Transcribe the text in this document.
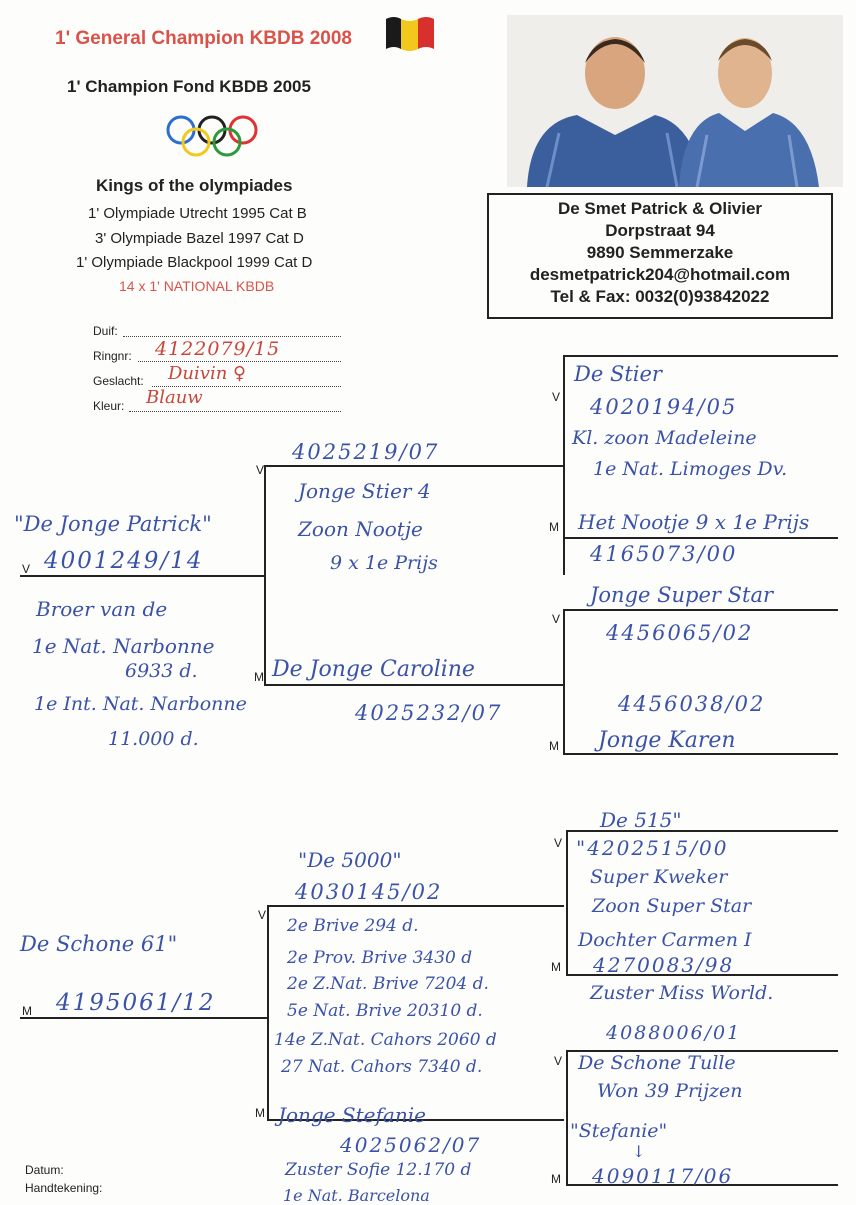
1' General Champion KBDB 2008
1' Champion Fond KBDB 2005
Kings of the olympiades
1' Olympiade Utrecht 1995 Cat B
3' Olympiade Bazel 1997 Cat D
1' Olympiade Blackpool 1999 Cat D
14 x 1' NATIONAL KBDB
De Smet Patrick & Olivier
Dorpstraat 94
9890 Semmerzake
desmetpatrick204@hotmail.com
Tel & Fax: 0032(0)93842022
Duif:
Ringnr: 4122079/15
Geslacht: Duivin ♀
Kleur: Blauw
V
V
M
V
M
V
M
M
V
M
V
M
V
M
"De Jonge Patrick"
4001249/14
Broer van de
1e Nat. Narbonne
6933 d.
1e Int. Nat. Narbonne
11.000 d.
4025219/07
Jonge Stier 4
Zoon Nootje
9 x 1e Prijs
De Jonge Caroline
4025232/07
De Stier
4020194/05
Kl. zoon Madeleine
1e Nat. Limoges Dv.
Het Nootje 9 x 1e Prijs
4165073/00
Jonge Super Star
4456065/02
4456038/02
Jonge Karen
De Schone 61"
4195061/12
"De 5000"
4030145/02
2e Brive 294 d.
2e Prov. Brive 3430 d
2e Z.Nat. Brive 7204 d.
5e Nat. Brive 20310 d.
14e Z.Nat. Cahors 2060 d
27 Nat. Cahors 7340 d.
Jonge Stefanie
4025062/07
Zuster Sofie 12.170 d
1e Nat. Barcelona
De 515"
"4202515/00
Super Kweker
Zoon Super Star
Dochter Carmen I
4270083/98
Zuster Miss World.
4088006/01
De Schone Tulle
Won 39 Prijzen
"Stefanie"
↓
4090117/06
Datum:
Handtekening:
